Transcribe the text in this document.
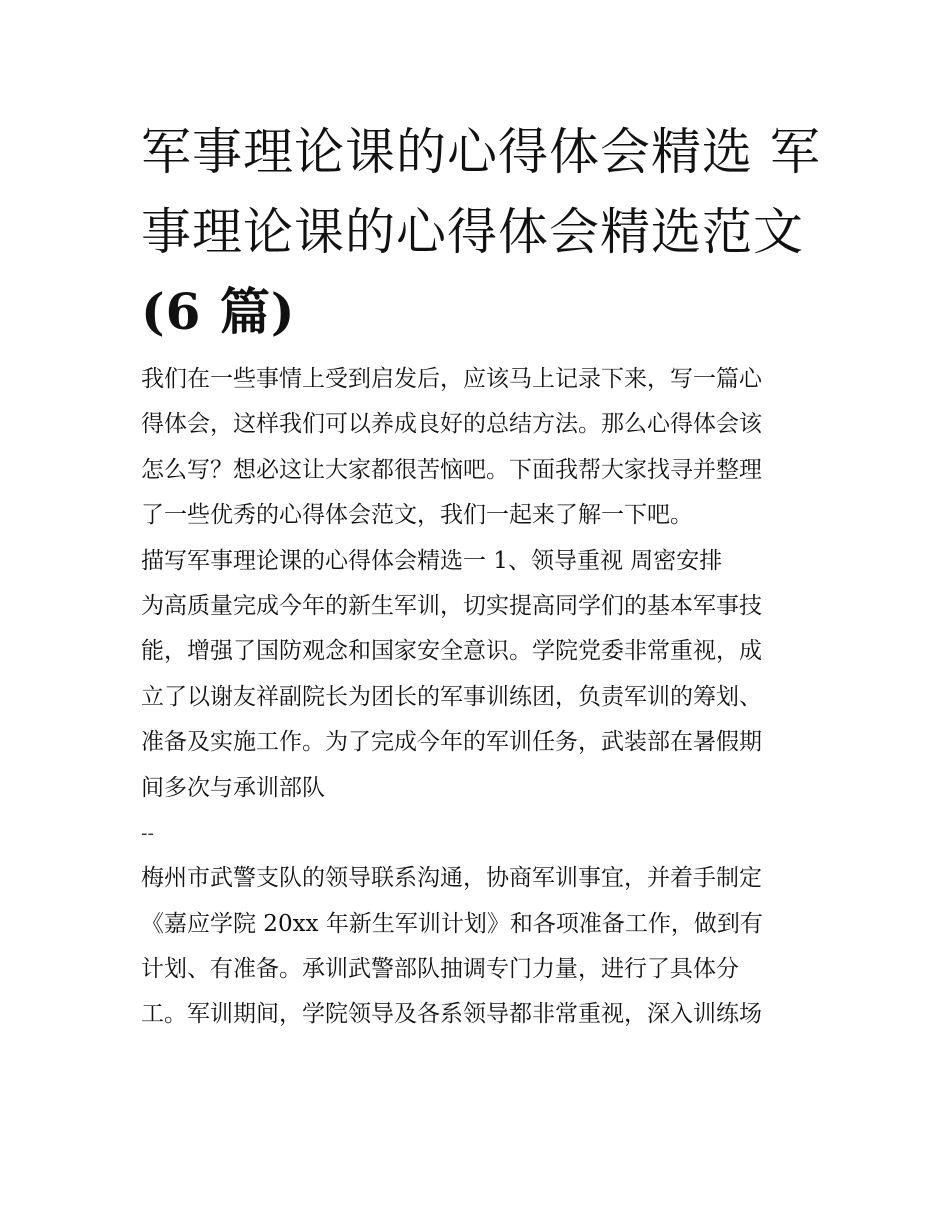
军事理论课的心得体会精选 军
事理论课的心得体会精选范文
(6 篇)
我们在一些事情上受到启发后，应该马上记录下来，写一篇心
得体会，这样我们可以养成良好的总结方法。那么心得体会该
怎么写？想必这让大家都很苦恼吧。下面我帮大家找寻并整理
了一些优秀的心得体会范文，我们一起来了解一下吧。
描写军事理论课的心得体会精选一 1、领导重视 周密安排
为高质量完成今年的新生军训，切实提高同学们的基本军事技
能，增强了国防观念和国家安全意识。学院党委非常重视，成
立了以谢友祥副院长为团长的军事训练团，负责军训的筹划、
准备及实施工作。为了完成今年的军训任务，武装部在暑假期
间多次与承训部队
--
梅州市武警支队的领导联系沟通，协商军训事宜，并着手制定
《嘉应学院 20xx 年新生军训计划》和各项准备工作，做到有
计划、有准备。承训武警部队抽调专门力量，进行了具体分
工。军训期间，学院领导及各系领导都非常重视，深入训练场
